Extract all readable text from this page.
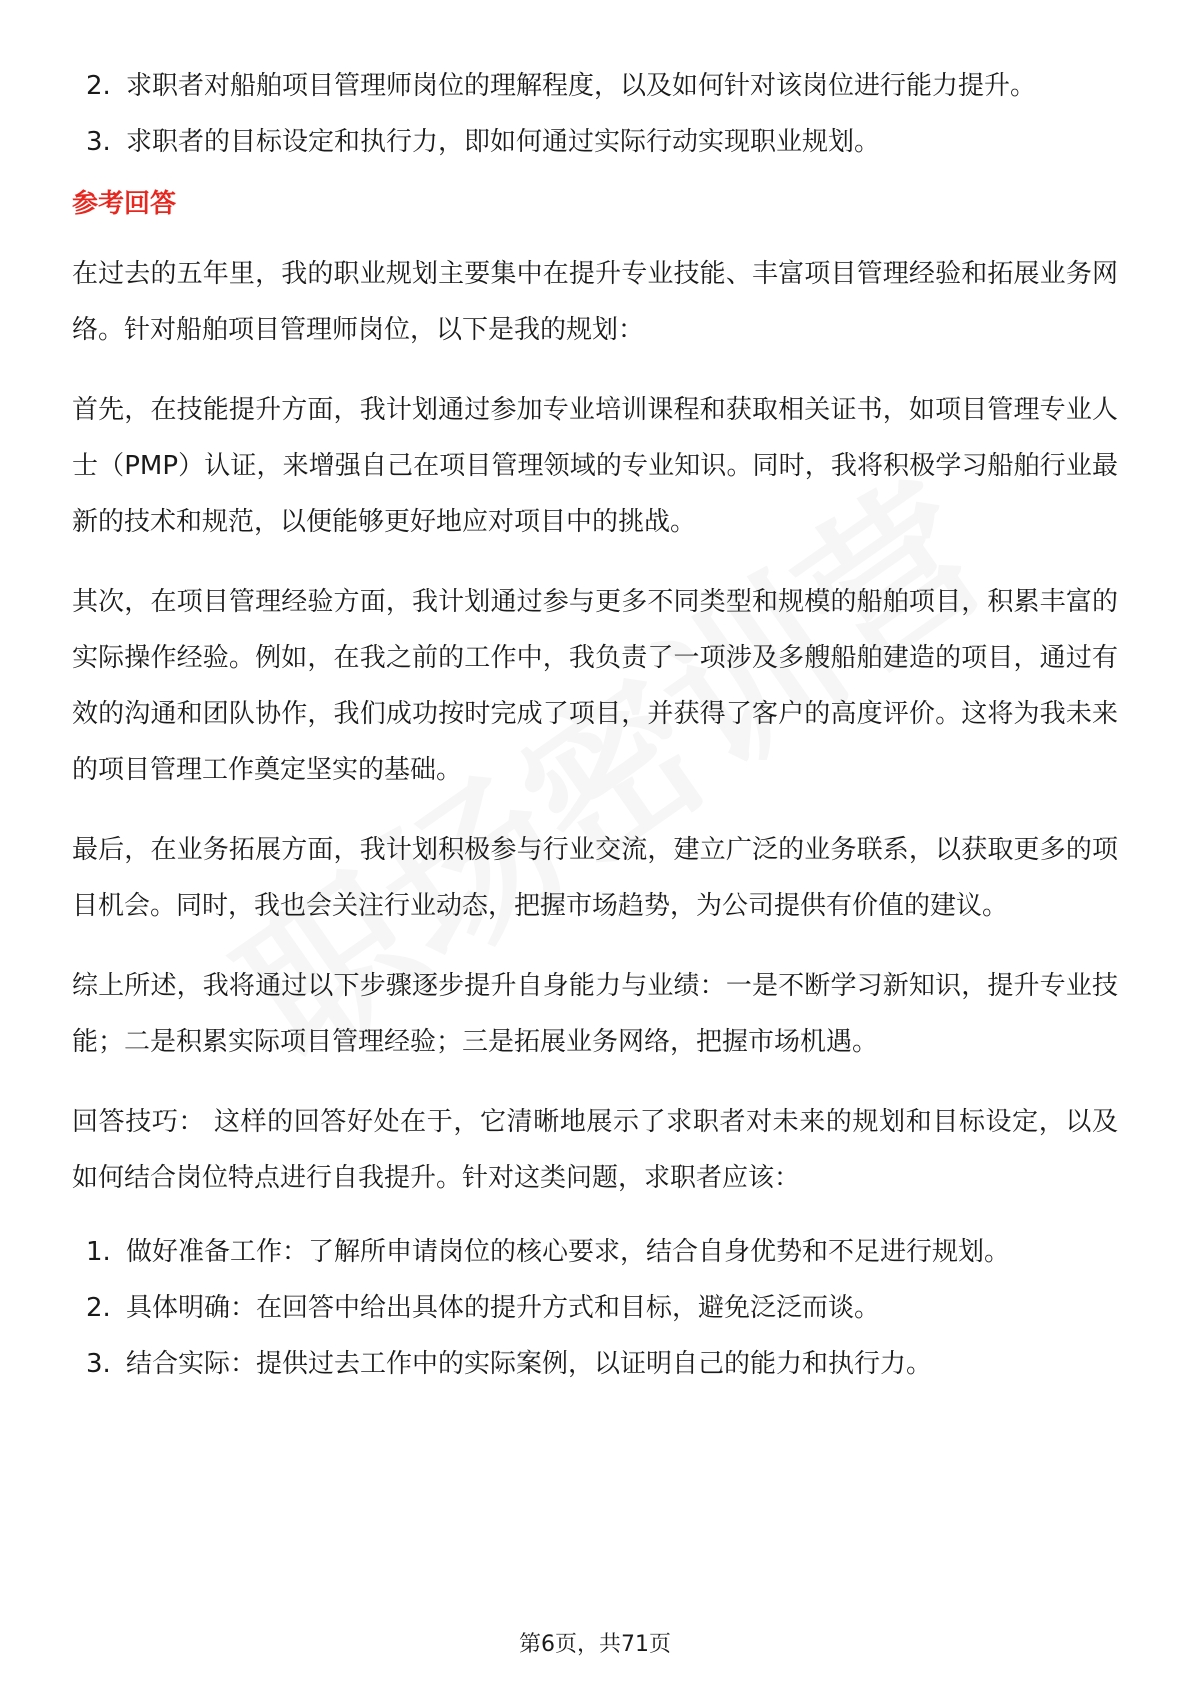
2. 求职者对船舶项目管理师岗位的理解程度，以及如何针对该岗位进行能力提升。
3. 求职者的目标设定和执行力，即如何通过实际行动实现职业规划。
参考回答

在过去的五年里，我的职业规划主要集中在提升专业技能、丰富项目管理经验和拓展业务网络。针对船舶项目管理师岗位，以下是我的规划：

首先，在技能提升方面，我计划通过参加专业培训课程和获取相关证书，如项目管理专业人士（PMP）认证，来增强自己在项目管理领域的专业知识。同时，我将积极学习船舶行业最新的技术和规范，以便能够更好地应对项目中的挑战。

其次，在项目管理经验方面，我计划通过参与更多不同类型和规模的船舶项目，积累丰富的实际操作经验。例如，在我之前的工作中，我负责了一项涉及多艘船舶建造的项目，通过有效的沟通和团队协作，我们成功按时完成了项目，并获得了客户的高度评价。这将为我未来的项目管理工作奠定坚实的基础。

最后，在业务拓展方面，我计划积极参与行业交流，建立广泛的业务联系，以获取更多的项目机会。同时，我也会关注行业动态，把握市场趋势，为公司提供有价值的建议。

综上所述，我将通过以下步骤逐步提升自身能力与业绩：一是不断学习新知识，提升专业技能；二是积累实际项目管理经验；三是拓展业务网络，把握市场机遇。

回答技巧： 这样的回答好处在于，它清晰地展示了求职者对未来的规划和目标设定，以及如何结合岗位特点进行自我提升。针对这类问题，求职者应该：

1. 做好准备工作：了解所申请岗位的核心要求，结合自身优势和不足进行规划。
2. 具体明确：在回答中给出具体的提升方式和目标，避免泛泛而谈。
3. 结合实际：提供过去工作中的实际案例，以证明自己的能力和执行力。
第6页，共71页
